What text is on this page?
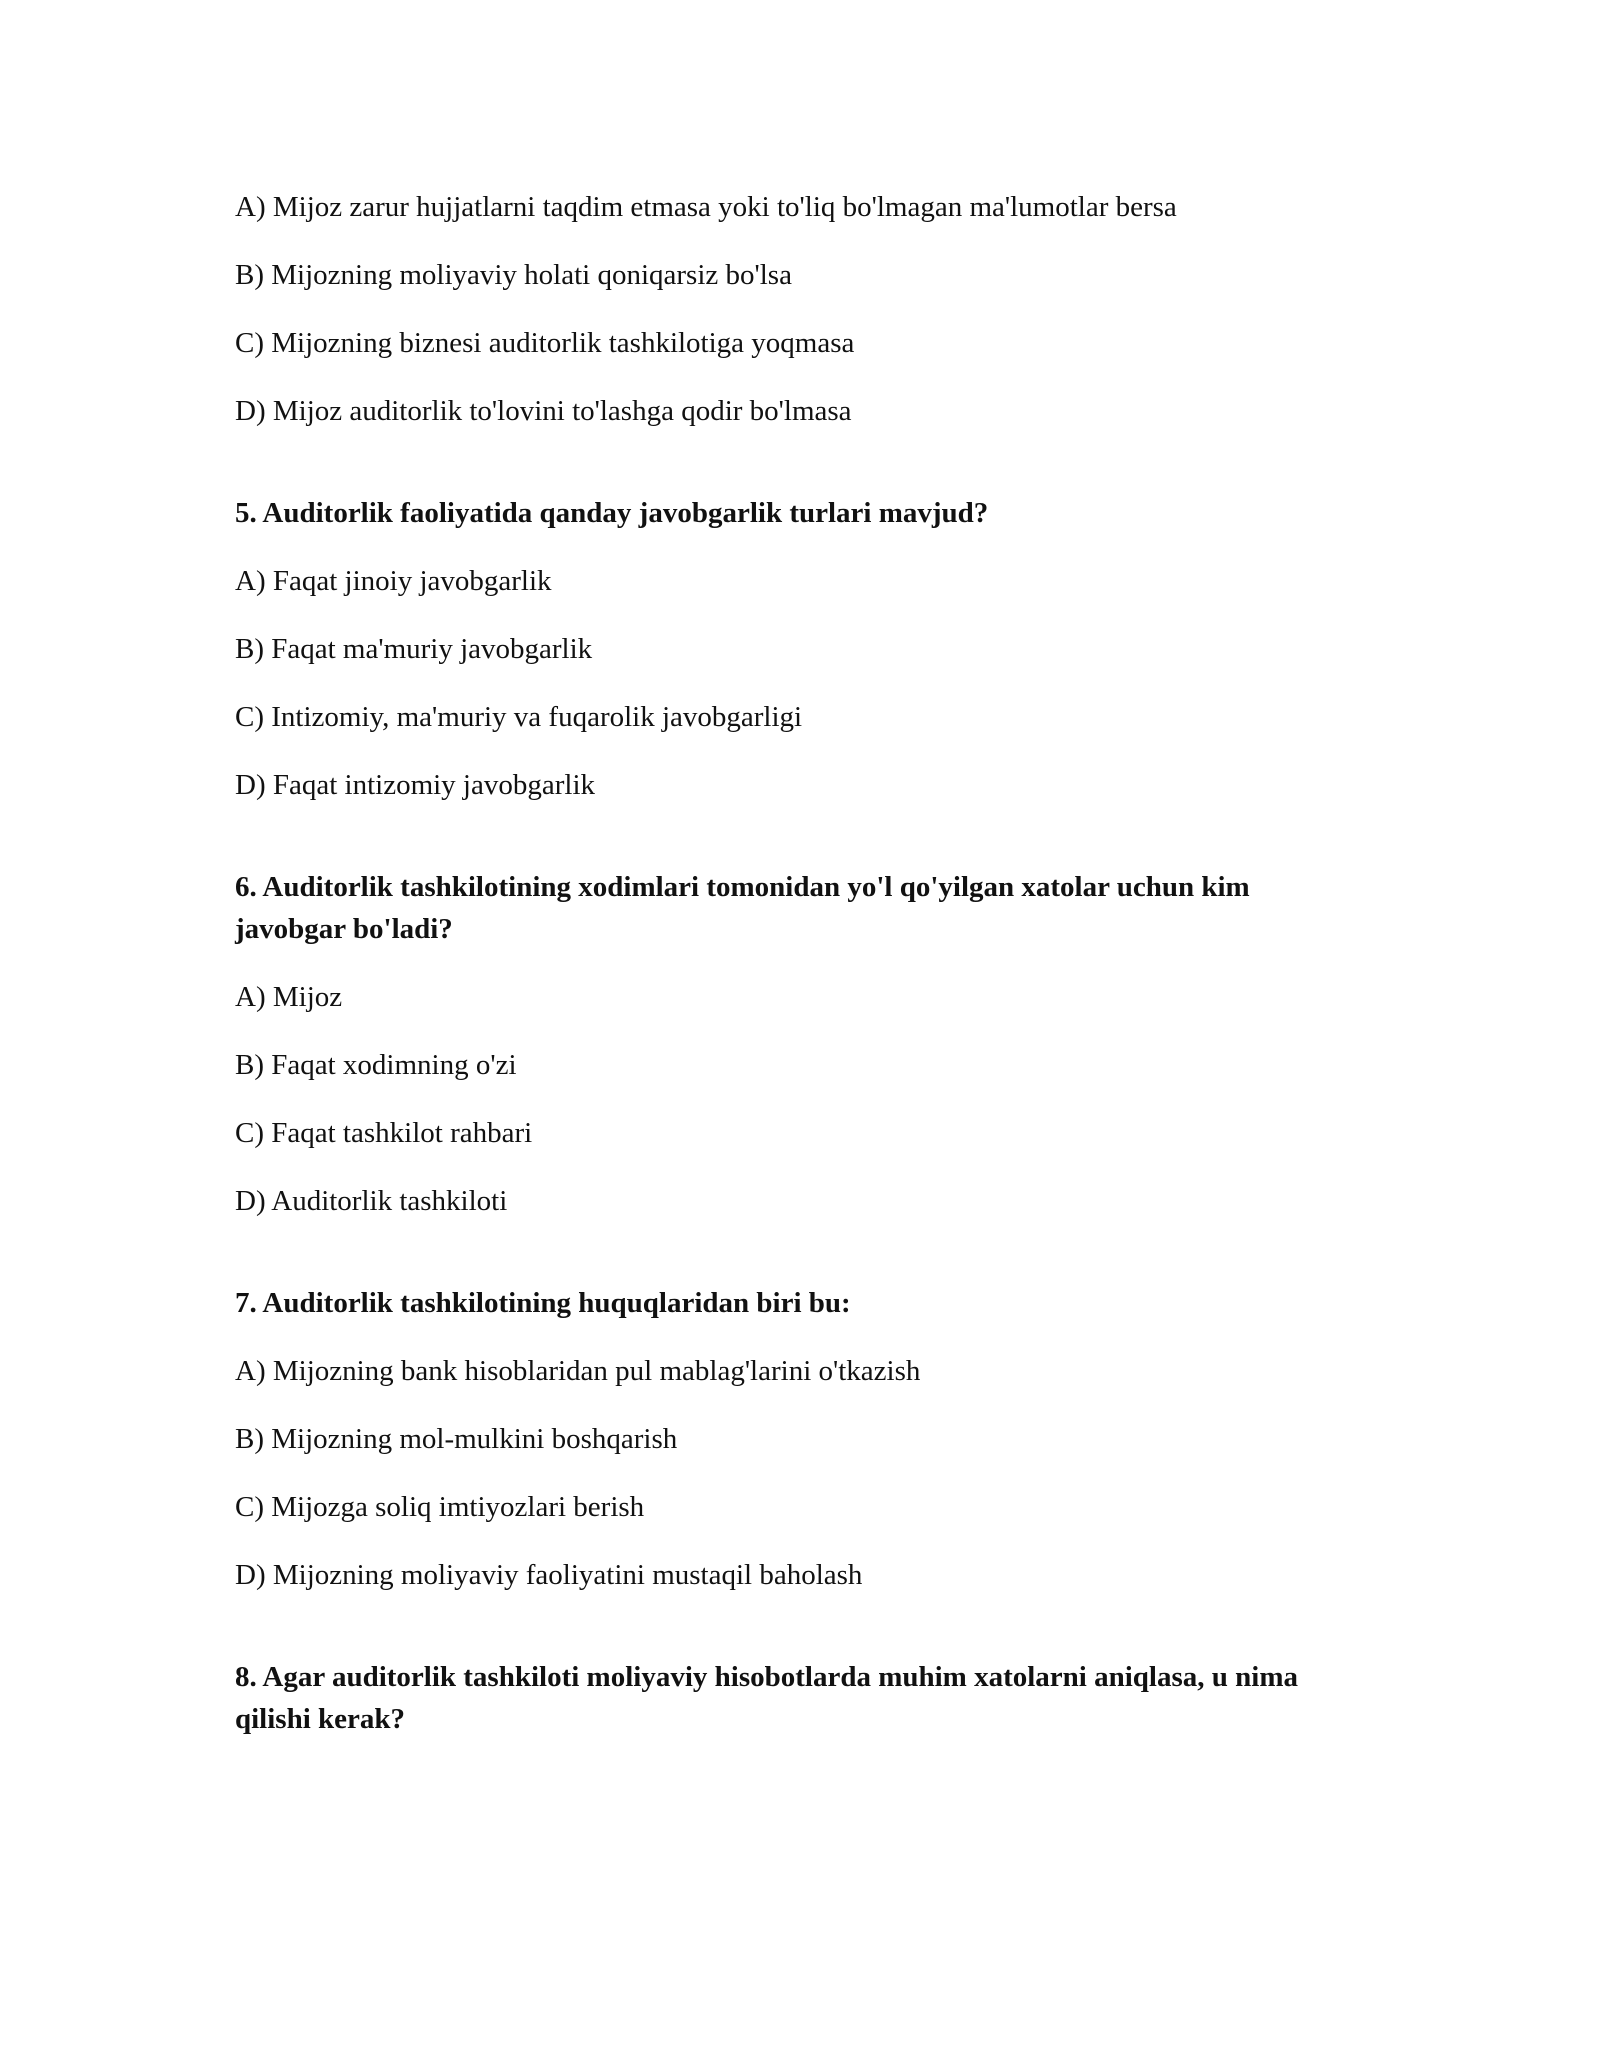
A) Mijoz zarur hujjatlarni taqdim etmasa yoki to'liq bo'lmagan ma'lumotlar bersa

B) Mijozning moliyaviy holati qoniqarsiz bo'lsa

C) Mijozning biznesi auditorlik tashkilotiga yoqmasa

D) Mijoz auditorlik to'lovini to'lashga qodir bo'lmasa

5. Auditorlik faoliyatida qanday javobgarlik turlari mavjud?

A) Faqat jinoiy javobgarlik

B) Faqat ma'muriy javobgarlik

C) Intizomiy, ma'muriy va fuqarolik javobgarligi

D) Faqat intizomiy javobgarlik

6. Auditorlik tashkilotining xodimlari tomonidan yo'l qo'yilgan xatolar uchun kim javobgar bo'ladi?

A) Mijoz

B) Faqat xodimning o'zi

C) Faqat tashkilot rahbari

D) Auditorlik tashkiloti

7. Auditorlik tashkilotining huquqlaridan biri bu:

A) Mijozning bank hisoblaridan pul mablag'larini o'tkazish

B) Mijozning mol-mulkini boshqarish

C) Mijozga soliq imtiyozlari berish

D) Mijozning moliyaviy faoliyatini mustaqil baholash

8. Agar auditorlik tashkiloti moliyaviy hisobotlarda muhim xatolarni aniqlasa, u nima qilishi kerak?
